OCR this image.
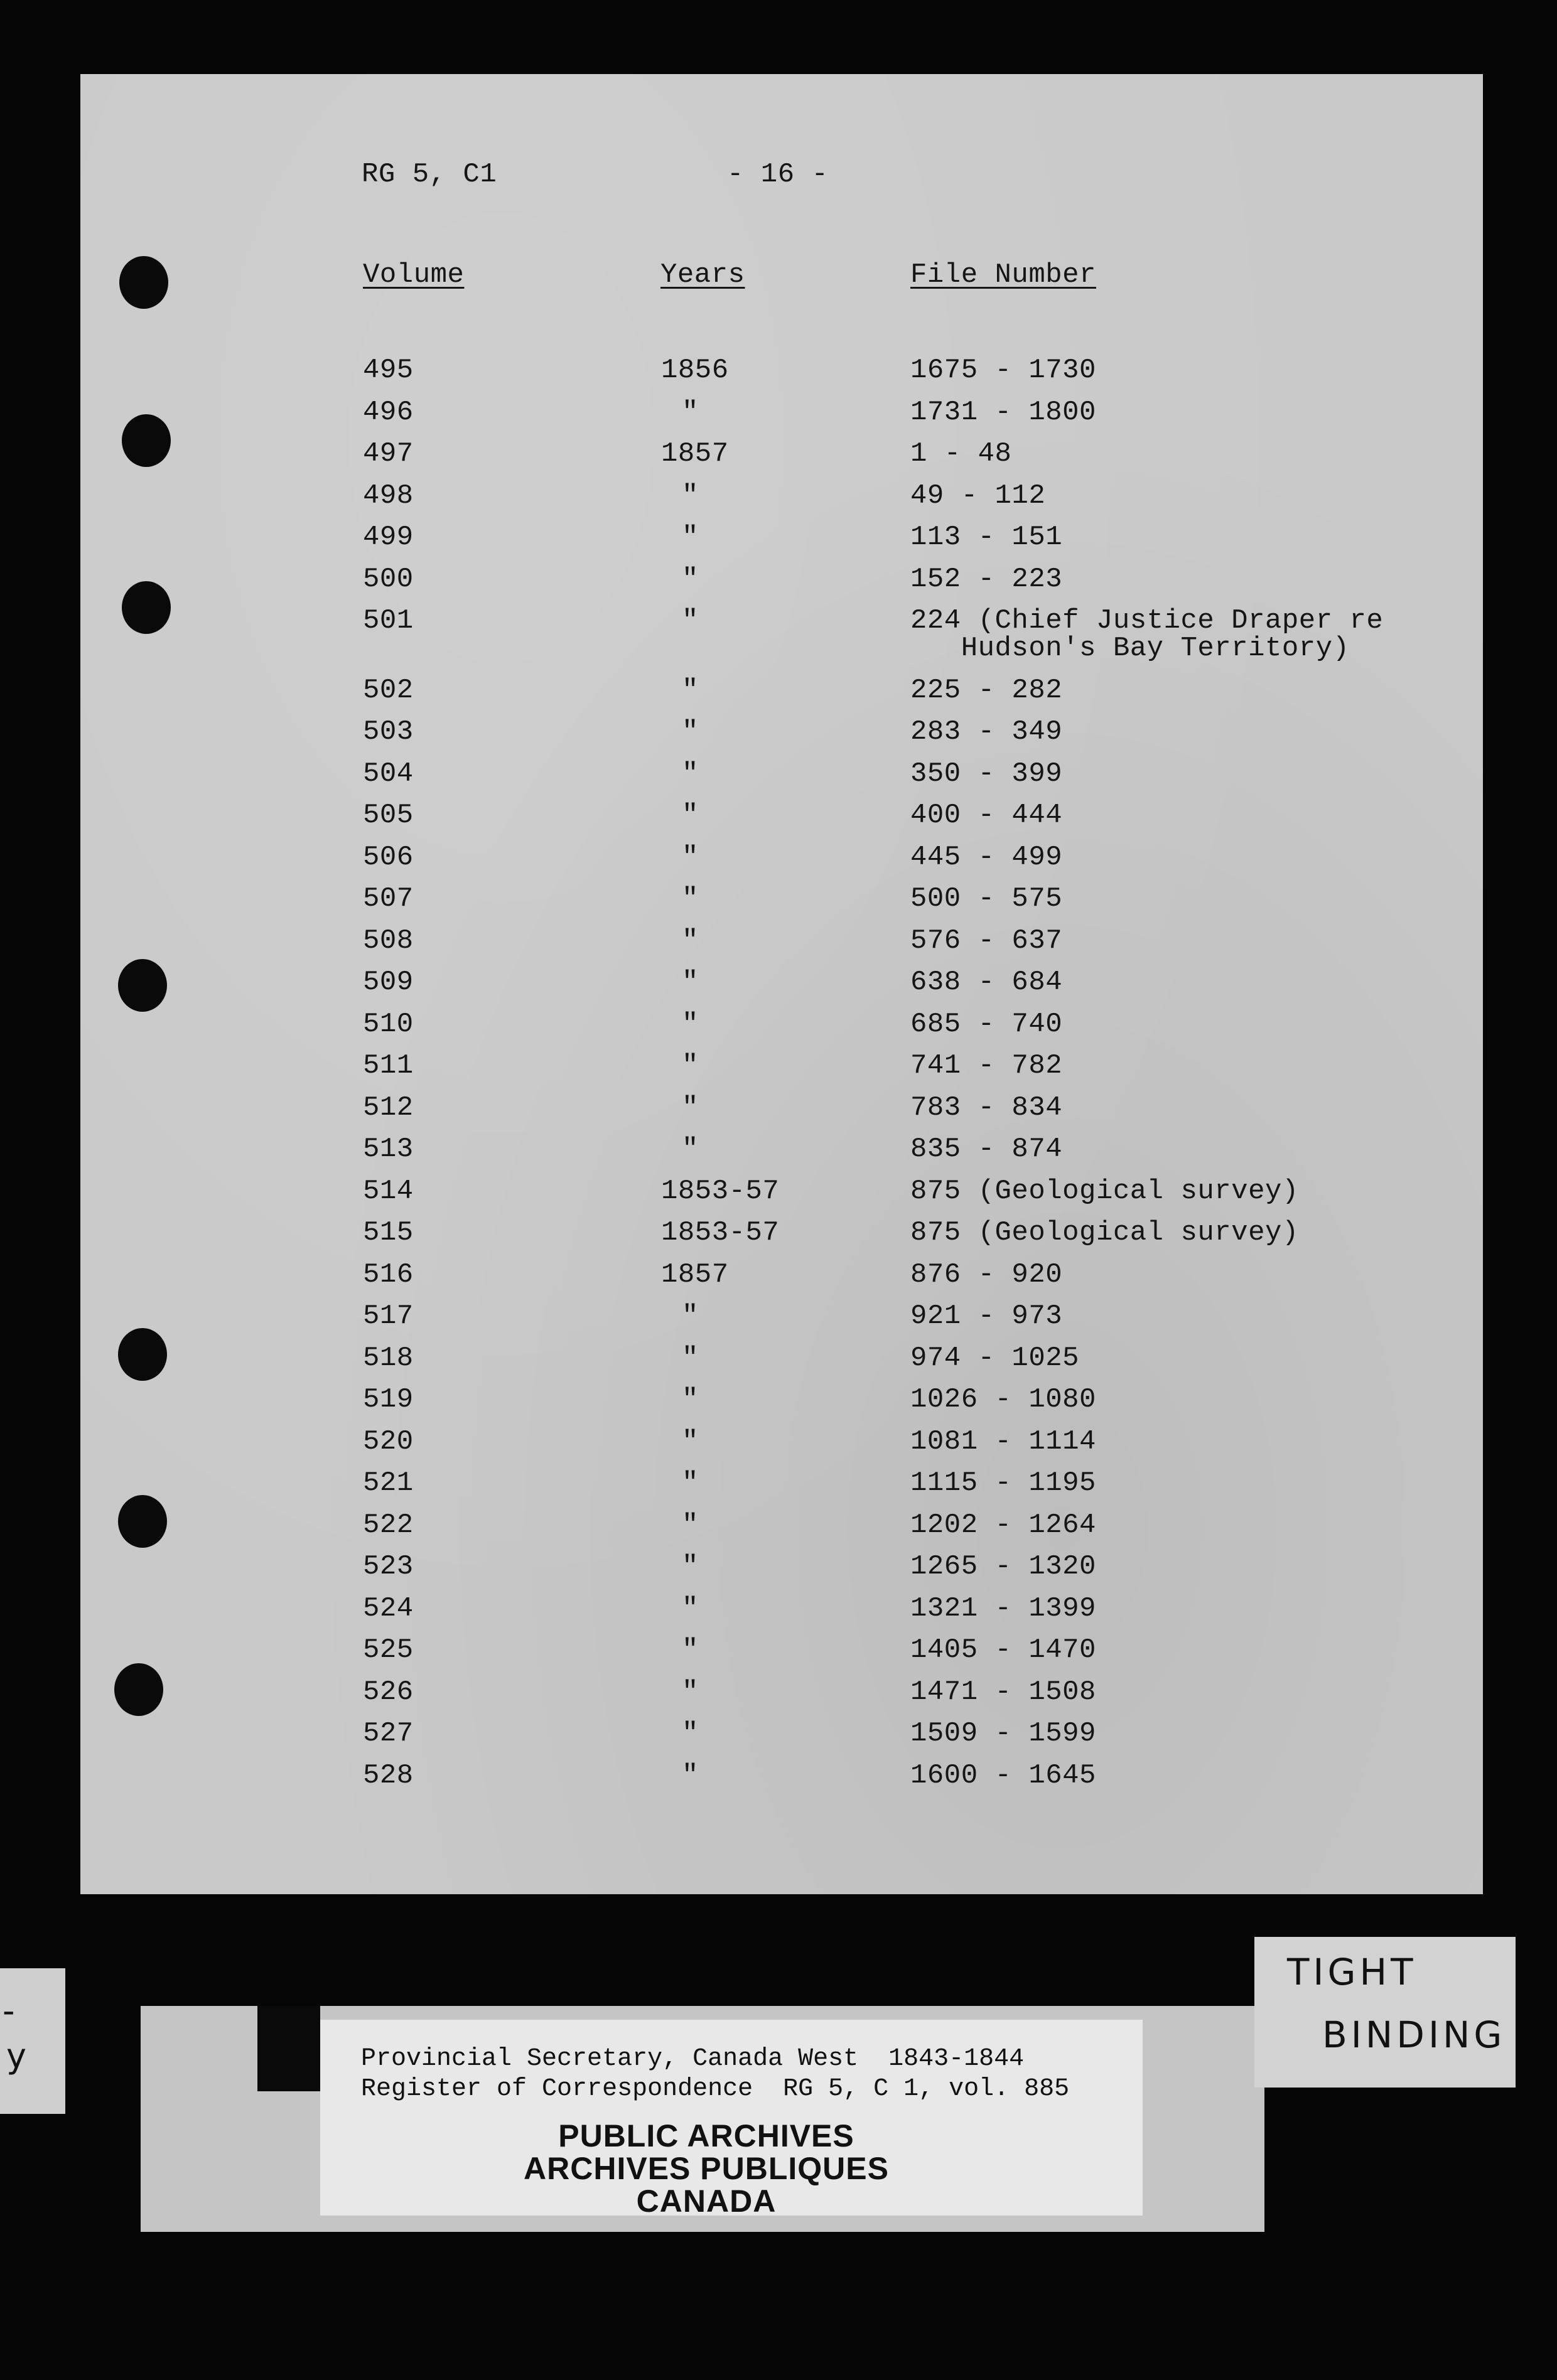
RG 5, C1	- 16 -
Volume	Years	File Number
495	1856	1675 - 1730
496	"	1731 - 1800
497	1857	1 - 48
498	"	49 - 112
499	"	113 - 151
500	"	152 - 223
501	"	224 (Chief Justice Draper re
Hudson's Bay Territory)
502	"	225 - 282
503	"	283 - 349
504	"	350 - 399
505	"	400 - 444
506	"	445 - 499
507	"	500 - 575
508	"	576 - 637
509	"	638 - 684
510	"	685 - 740
511	"	741 - 782
512	"	783 - 834
513	"	835 - 874
514	1853-57	875 (Geological survey)
515	1853-57	875 (Geological survey)
516	1857	876 - 920
517	"	921 - 973
518	"	974 - 1025
519	"	1026 - 1080
520	"	1081 - 1114
521	"	1115 - 1195
522	"	1202 - 1264
523	"	1265 - 1320
524	"	1321 - 1399
525	"	1405 - 1470
526	"	1471 - 1508
527	"	1509 - 1599
528	"	1600 - 1645
-
y	Provincial Secretary, Canada West  1843-1844
Register of Correspondence  RG 5, C 1, vol. 885
PUBLIC ARCHIVES
ARCHIVES PUBLIQUES
CANADA
TIGHT
BINDING
